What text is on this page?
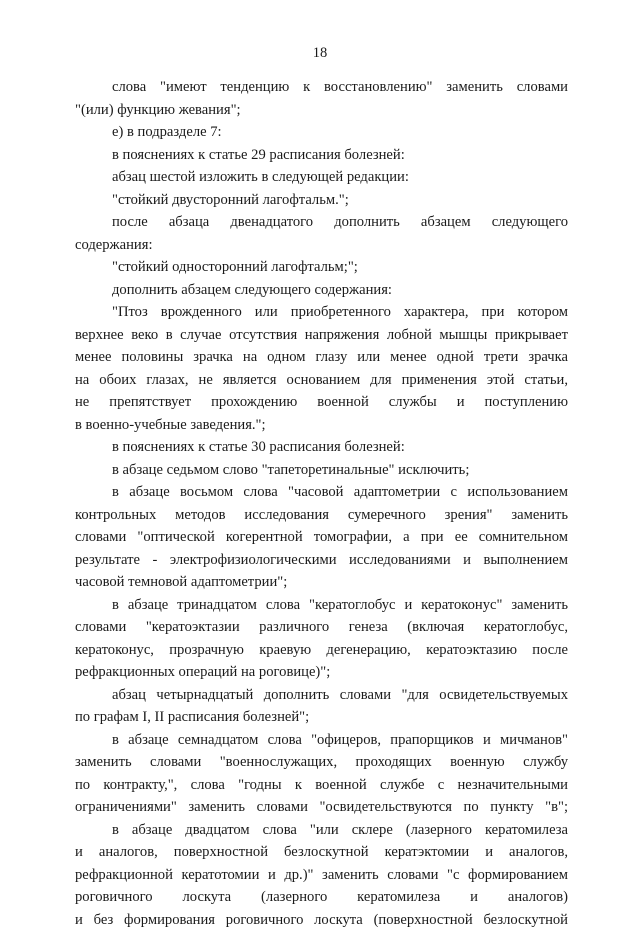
18
слова "имеют тенденцию к восстановлению" заменить словами
"(или) функцию жевания";
е) в подразделе 7:
в пояснениях к статье 29 расписания болезней:
абзац шестой изложить в следующей редакции:
"стойкий двусторонний лагофтальм.";
после абзаца двенадцатого дополнить абзацем следующего
содержания:
"стойкий односторонний лагофтальм;";
дополнить абзацем следующего содержания:
"Птоз врожденного или приобретенного характера, при котором
верхнее веко в случае отсутствия напряжения лобной мышцы прикрывает
менее половины зрачка на одном глазу или менее одной трети зрачка
на обоих глазах, не является основанием для применения этой статьи,
не препятствует прохождению военной службы и поступлению
в военно-учебные заведения.";
в пояснениях к статье 30 расписания болезней:
в абзаце седьмом слово "тапеторетинальные" исключить;
в абзаце восьмом слова "часовой адаптометрии с использованием
контрольных методов исследования сумеречного зрения" заменить
словами "оптической когерентной томографии, а при ее сомнительном
результате - электрофизиологическими исследованиями и выполнением
часовой темновой адаптометрии";
в абзаце тринадцатом слова "кератоглобус и кератоконус" заменить
словами "кератоэктазии различного генеза (включая кератоглобус,
кератоконус, прозрачную краевую дегенерацию, кератоэктазию после
рефракционных операций на роговице)";
абзац четырнадцатый дополнить словами "для освидетельствуемых
по графам I, II расписания болезней";
в абзаце семнадцатом слова "офицеров, прапорщиков и мичманов"
заменить словами "военнослужащих, проходящих военную службу
по контракту,", слова "годны к военной службе с незначительными
ограничениями" заменить словами "освидетельствуются по пункту "в";
в абзаце двадцатом слова "или склере (лазерного кератомилеза
и аналогов, поверхностной безлоскутной кератэктомии и аналогов,
рефракционной кератотомии и др.)" заменить словами "с формированием
роговичного лоскута (лазерного кератомилеза и аналогов)
и без формирования роговичного лоскута (поверхностной безлоскутной
